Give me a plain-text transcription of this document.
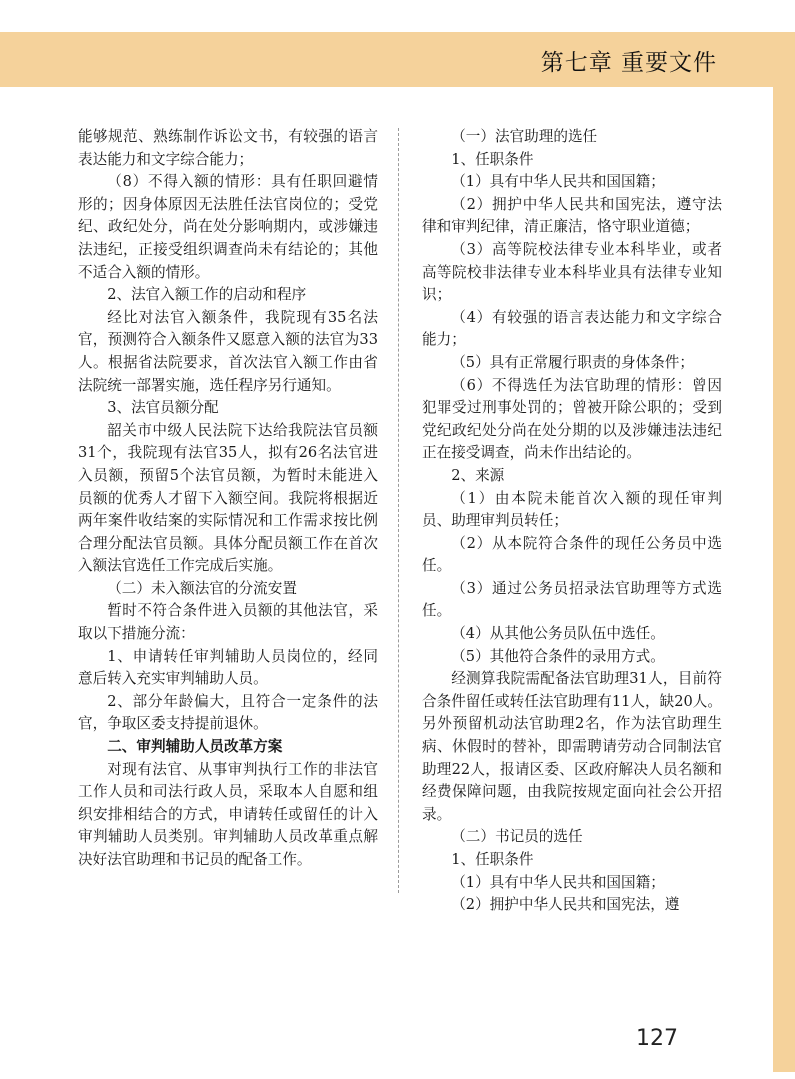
第七章 重要文件

能够规范、熟练制作诉讼文书，有较强的语言表达能力和文字综合能力；

（8）不得入额的情形：具有任职回避情形的；因身体原因无法胜任法官岗位的；受党纪、政纪处分，尚在处分影响期内，或涉嫌违法违纪，正接受组织调查尚未有结论的；其他不适合入额的情形。

2、法官入额工作的启动和程序

经比对法官入额条件，我院现有35名法官，预测符合入额条件又愿意入额的法官为33人。根据省法院要求，首次法官入额工作由省法院统一部署实施，选任程序另行通知。

3、法官员额分配

韶关市中级人民法院下达给我院法官员额31个，我院现有法官35人，拟有26名法官进入员额，预留5个法官员额，为暂时未能进入员额的优秀人才留下入额空间。我院将根据近两年案件收结案的实际情况和工作需求按比例合理分配法官员额。具体分配员额工作在首次入额法官选任工作完成后实施。

（二）未入额法官的分流安置

暂时不符合条件进入员额的其他法官，采取以下措施分流：

1、申请转任审判辅助人员岗位的，经同意后转入充实审判辅助人员。

2、部分年龄偏大，且符合一定条件的法官，争取区委支持提前退休。

二、审判辅助人员改革方案

对现有法官、从事审判执行工作的非法官工作人员和司法行政人员，采取本人自愿和组织安排相结合的方式，申请转任或留任的计入审判辅助人员类别。审判辅助人员改革重点解决好法官助理和书记员的配备工作。

（一）法官助理的选任

1、任职条件

（1）具有中华人民共和国国籍；

（2）拥护中华人民共和国宪法，遵守法律和审判纪律，清正廉洁，恪守职业道德；

（3）高等院校法律专业本科毕业，或者高等院校非法律专业本科毕业具有法律专业知识；

（4）有较强的语言表达能力和文字综合能力；

（5）具有正常履行职责的身体条件；

（6）不得选任为法官助理的情形：曾因犯罪受过刑事处罚的；曾被开除公职的；受到党纪政纪处分尚在处分期的以及涉嫌违法违纪正在接受调查，尚未作出结论的。

2、来源

（1）由本院未能首次入额的现任审判员、助理审判员转任；

（2）从本院符合条件的现任公务员中选任。

（3）通过公务员招录法官助理等方式选任。

（4）从其他公务员队伍中选任。

（5）其他符合条件的录用方式。

经测算我院需配备法官助理31人，目前符合条件留任或转任法官助理有11人，缺20人。另外预留机动法官助理2名，作为法官助理生病、休假时的替补，即需聘请劳动合同制法官助理22人，报请区委、区政府解决人员名额和经费保障问题，由我院按规定面向社会公开招录。

（二）书记员的选任

1、任职条件

（1）具有中华人民共和国国籍；

（2）拥护中华人民共和国宪法，遵

127
